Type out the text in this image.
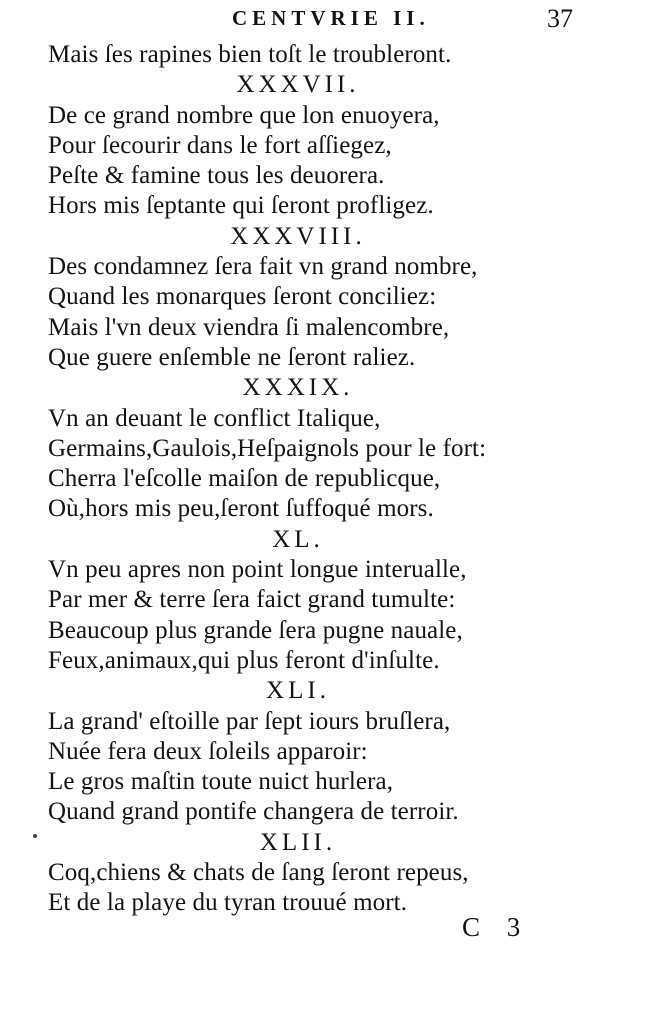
CENTVRIE II.	37
Mais ſes rapines bien toſt le troubleront.
XXXVII.
De ce grand nombre que lon enuoyera,
Pour ſecourir dans le fort aſſiegez,
Peſte & famine tous les deuorera.
Hors mis ſeptante qui ſeront profligez.
XXXVIII.
Des condamnez ſera fait vn grand nombre,
Quand les monarques ſeront conciliez:
Mais l'vn deux viendra ſi malencombre,
Que guere enſemble ne ſeront raliez.
XXXIX.
Vn an deuant le conflict Italique,
Germains,Gaulois,Heſpaignols pour le fort:
Cherra l'eſcolle maiſon de republicque,
Où,hors mis peu,ſeront ſuffoqué mors.
XL.
Vn peu apres non point longue interualle,
Par mer & terre ſera faict grand tumulte:
Beaucoup plus grande ſera pugne nauale,
Feux,animaux,qui plus feront d'inſulte.
XLI.
La grand' eſtoille par ſept iours bruſlera,
Nuée fera deux ſoleils apparoir:
Le gros maſtin toute nuict hurlera,
Quand grand pontife changera de terroir.
XLII.
Coq,chiens & chats de ſang ſeront repeus,
Et de la playe du tyran trouué mort.
C 3
